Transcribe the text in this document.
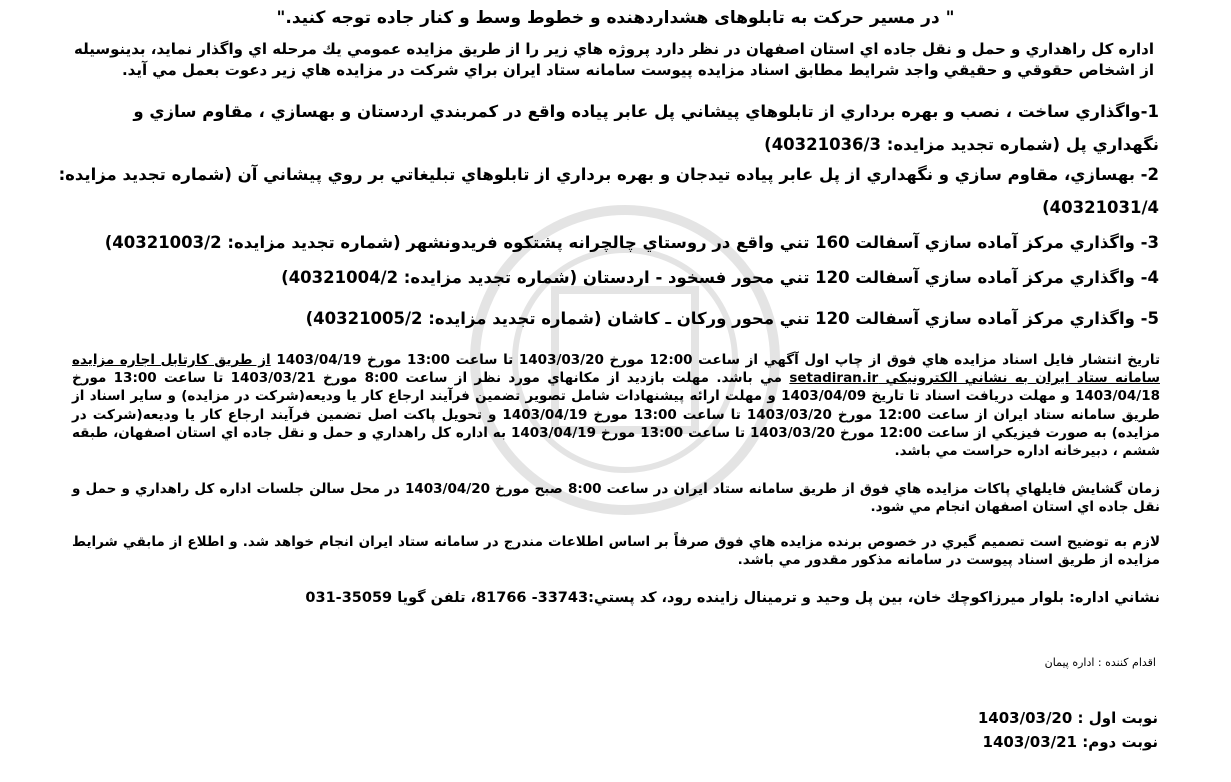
" در مسیر حرکت به تابلوهای هشداردهنده و خطوط وسط و کنار جاده توجه کنید."
اداره كل راهداري و حمل و نقل جاده اي استان اصفهان در نظر دارد پروژه هاي زير را از طريق مزايده عمومي يك مرحله اي واگذار نمايد، بدينوسيله از اشخاص حقوقي و حقيقي واجد شرايط مطابق اسناد مزايده پيوست سامانه ستاد ايران براي شركت در مزايده هاي زير دعوت بعمل مي آيد.
1-واگذاري ساخت ، نصب و بهره برداري از تابلوهاي پيشاني پل عابر پياده واقع در كمربندي اردستان و بهسازي ، مقاوم سازي و نگهداري پل (شماره تجديد مزايده: 40321036/3)
2- بهسازي، مقاوم سازي و نگهداري از پل عابر پياده تيدجان و بهره برداري از تابلوهاي تبليغاتي بر روي پيشاني آن (شماره تجديد مزايده: 40321031/4)
3- واگذاري مركز آماده سازي آسفالت 160 تني واقع در روستاي چالچرانه پشتكوه فريدونشهر (شماره تجديد مزايده: 40321003/2)
4- واگذاري مركز آماده سازي آسفالت 120 تني محور فسخود - اردستان (شماره تجديد مزايده: 40321004/2)
5- واگذاري مركز آماده سازي آسفالت 120 تني محور وركان ـ كاشان (شماره تجديد مزايده: 40321005/2)
تاريخ انتشار فايل اسناد مزايده هاي فوق از چاپ اول آگهي از ساعت 12:00 مورخ 1403/03/20 تا ساعت 13:00 مورخ 1403/04/19 از طريق كارتابل اجاره مزايده سامانه ستاد ايران به نشاني الكترونيكي setadiran.ir مي باشد. مهلت بازديد از مكانهاي مورد نظر از ساعت 8:00 مورخ 1403/03/21 تا ساعت 13:00 مورخ 1403/04/18 و مهلت دريافت اسناد تا تاريخ 1403/04/09 و مهلت ارائه پيشنهادات شامل تصوير تضمين فرآيند ارجاع كار يا وديعه(شركت در مزايده) و ساير اسناد از طريق سامانه ستاد ايران از ساعت 12:00 مورخ 1403/03/20 تا ساعت 13:00 مورخ 1403/04/19 و تحويل پاكت اصل تضمين فرآيند ارجاع كار يا وديعه(شركت در مزايده) به صورت فيزيكي از ساعت 12:00 مورخ 1403/03/20 تا ساعت 13:00 مورخ 1403/04/19 به اداره كل راهداري و حمل و نقل جاده اي استان اصفهان، طبقه ششم ، دبيرخانه اداره حراست مي باشد.
زمان گشايش فايلهاي پاكات مزايده هاي فوق از طريق سامانه ستاد ايران در ساعت 8:00 صبح مورخ 1403/04/20 در محل سالن جلسات اداره كل راهداري و حمل و نقل جاده اي استان اصفهان انجام مي شود.
لازم به توضيح است تصميم گيري در خصوص برنده مزايده هاي فوق صرفاً بر اساس اطلاعات مندرج در سامانه ستاد ايران انجام خواهد شد. و اطلاع از مابقي شرايط مزايده از طريق اسناد پيوست در سامانه مذكور مقدور مي باشد.
نشاني اداره: بلوار ميرزاكوچك خان، بين پل وحيد و ترمينال زاينده رود، كد پستي:33743- 81766، تلفن گويا 35059-031
اقدام کننده : اداره پیمان
نوبت اول : 1403/03/20
نوبت دوم: 1403/03/21
